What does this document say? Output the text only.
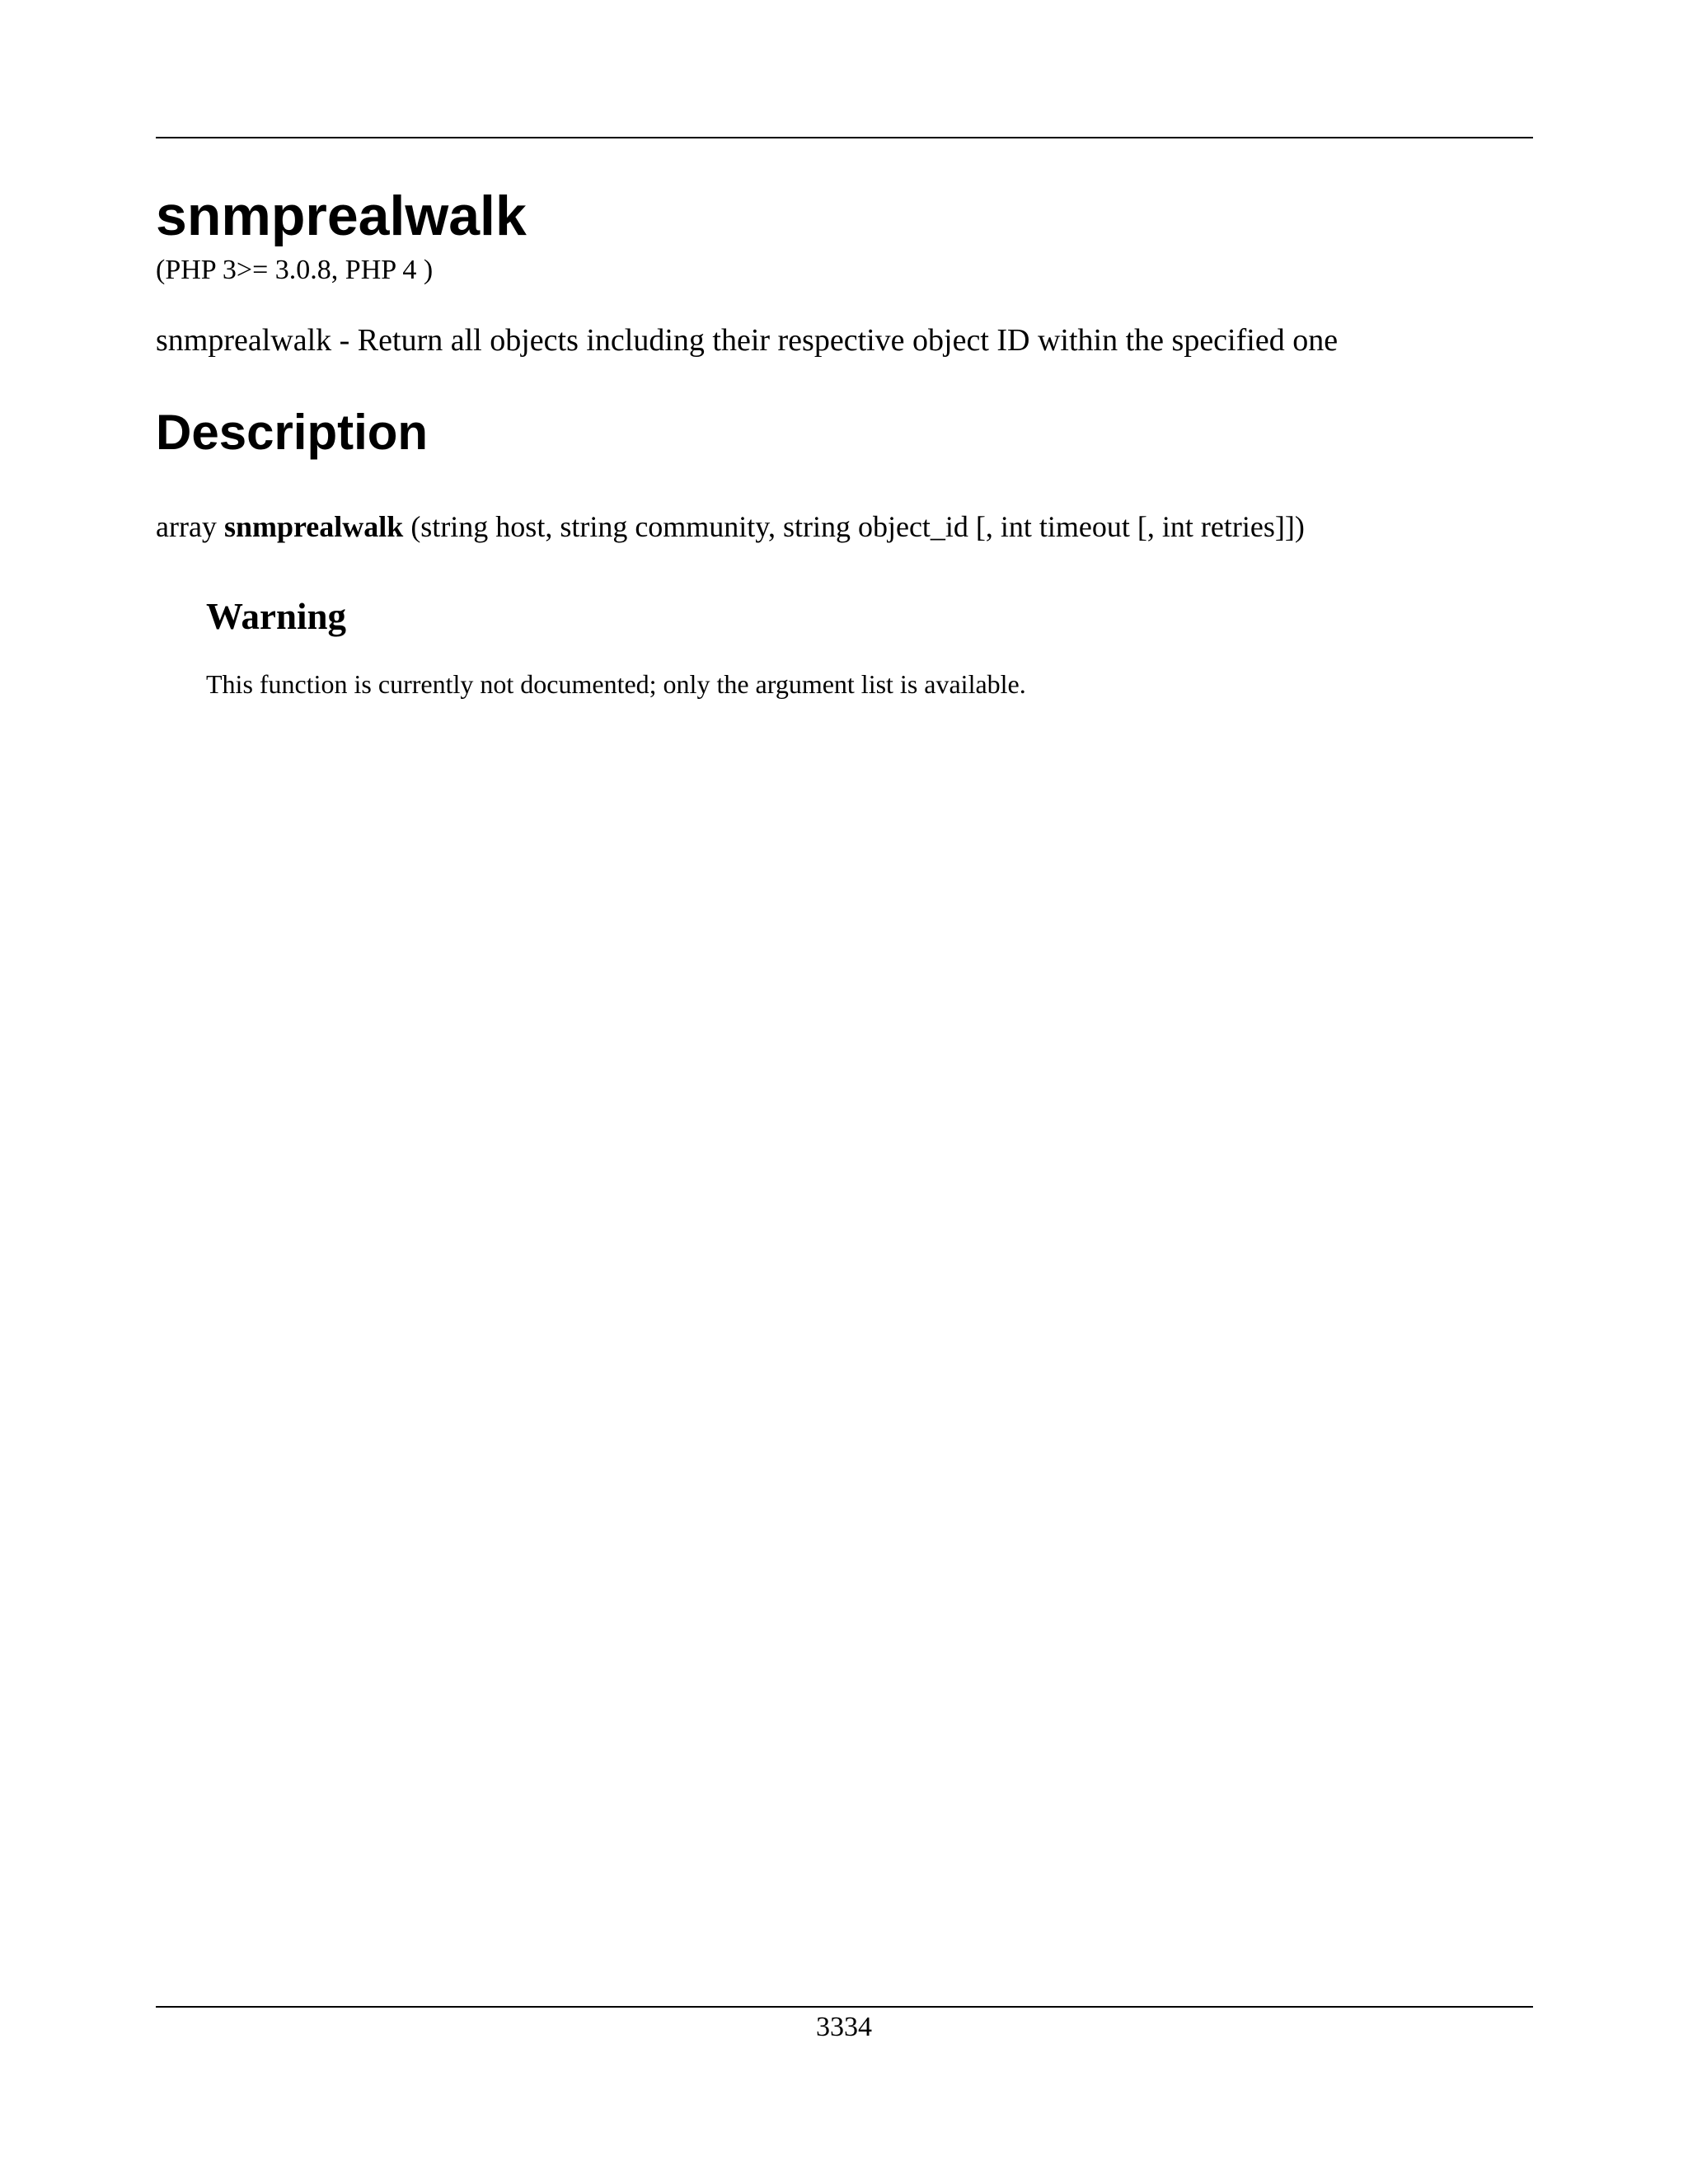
snmprealwalk
(PHP 3>= 3.0.8, PHP 4 )
snmprealwalk - Return all objects including their respective object ID within the specified one
Description
array snmprealwalk (string host, string community, string object_id [, int timeout [, int retries]])
Warning
This function is currently not documented; only the argument list is available.
3334
